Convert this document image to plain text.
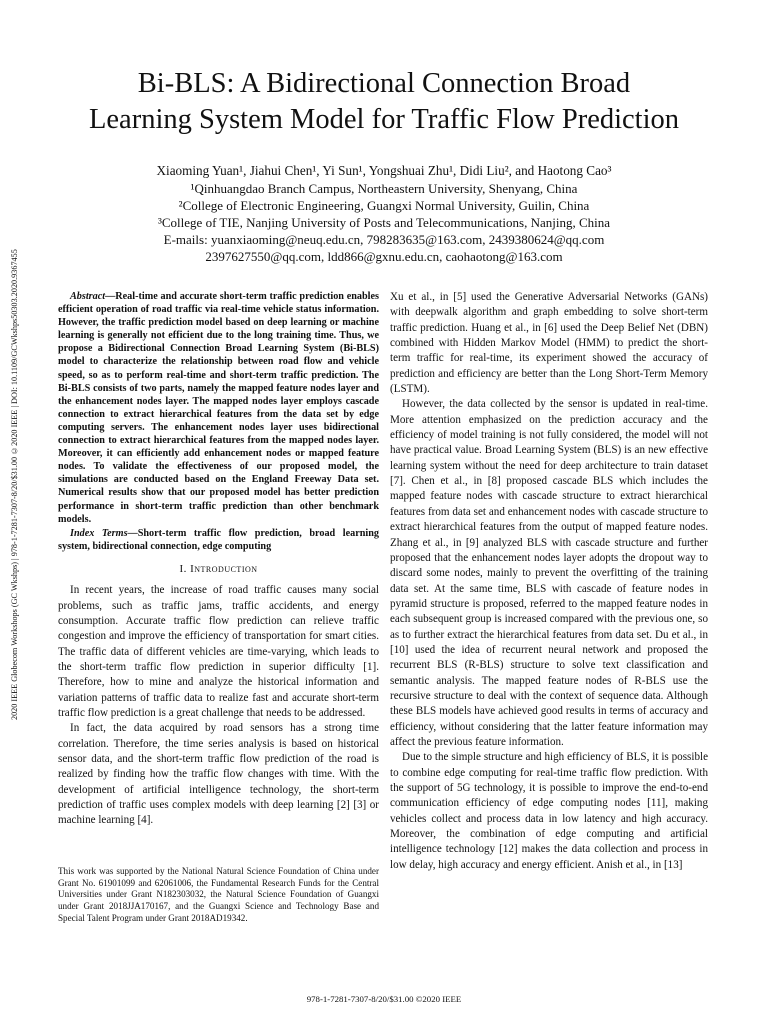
2020 IEEE Globecom Workshops (GC Wkshps) | 978-1-7281-7307-8/20/$31.00 ©2020 IEEE | DOI: 10.1109/GCWkshps50303.2020.9367455
Bi-BLS: A Bidirectional Connection Broad
Learning System Model for Traffic Flow Prediction
Xiaoming Yuan¹, Jiahui Chen¹, Yi Sun¹, Yongshuai Zhu¹, Didi Liu², and Haotong Cao³
¹Qinhuangdao Branch Campus, Northeastern University, Shenyang, China
²College of Electronic Engineering, Guangxi Normal University, Guilin, China
³College of TIE, Nanjing University of Posts and Telecommunications, Nanjing, China
E-mails: yuanxiaoming@neuq.edu.cn, 798283635@163.com, 2439380624@qq.com
2397627550@qq.com, ldd866@gxnu.edu.cn, caohaotong@163.com

Abstract—Real-time and accurate short-term traffic prediction enables efficient operation of road traffic via real-time vehicle status information. However, the traffic prediction model based on deep learning or machine learning is generally not efficient due to the long training time. Thus, we propose a Bidirectional Connection Broad Learning System (Bi-BLS) model to characterize the relationship between road flow and vehicle speed, so as to perform real-time and short-term traffic prediction. The Bi-BLS consists of two parts, namely the mapped feature nodes layer and the enhancement nodes layer. The mapped nodes layer employs cascade connection to extract hierarchical features from the data set by edge computing servers. The enhancement nodes layer uses bidirectional connection to extract hierarchical features from the mapped nodes layer. Moreover, it can efficiently add enhancement nodes or mapped feature nodes. To validate the effectiveness of our proposed model, the simulations are conducted based on the England Freeway Data set. Numerical results show that our proposed model has better prediction performance in short-term traffic prediction than other benchmark models.

Index Terms—Short-term traffic flow prediction, broad learning system, bidirectional connection, edge computing

I. Introduction

In recent years, the increase of road traffic causes many social problems, such as traffic jams, traffic accidents, and energy consumption. Accurate traffic flow prediction can relieve traffic congestion and improve the efficiency of transportation for smart cities. The traffic data of different vehicles are time-varying, which leads to the short-term traffic flow prediction in superior difficulty [1]. Therefore, how to mine and analyze the historical information and variation patterns of traffic data to realize fast and accurate short-term traffic flow prediction is a great challenge that needs to be addressed.

In fact, the data acquired by road sensors has a strong time correlation. Therefore, the time series analysis is based on historical sensor data, and the short-term traffic flow prediction of the road is realized by finding how the traffic flow changes with time. With the development of artificial intelligence technology, the short-term prediction of traffic uses complex models with deep learning [2] [3] or machine learning [4].

This work was supported by the National Natural Science Foundation of China under Grant No. 61901099 and 62061006, the Fundamental Research Funds for the Central Universities under Grant N182303032, the Natural Science Foundation of Guangxi under Grant 2018JJA170167, and the Guangxi Science and Technology Base and Special Talent Program under Grant 2018AD19342.

Xu et al., in [5] used the Generative Adversarial Networks (GANs) with deepwalk algorithm and graph embedding to solve short-term traffic prediction. Huang et al., in [6] used the Deep Belief Net (DBN) combined with Hidden Markov Model (HMM) to predict the short-term traffic for real-time, its experiment showed the accuracy of prediction and efficiency are better than the Long Short-Term Memory (LSTM).

However, the data collected by the sensor is updated in real-time. More attention emphasized on the prediction accuracy and the efficiency of model training is not fully considered, the model will not have practical value. Broad Learning System (BLS) is an new effective learning system without the need for deep architecture to train dataset [7]. Chen et al., in [8] proposed cascade BLS which includes the mapped feature nodes with cascade structure to extract hierarchical features from data set and enhancement nodes with cascade structure to extract hierarchical features from the output of mapped feature nodes. Zhang et al., in [9] analyzed BLS with cascade structure and further proposed that the enhancement nodes layer adopts the dropout way to discard some nodes, mainly to prevent the overfitting of the training data set. At the same time, BLS with cascade of feature nodes in pyramid structure is proposed, referred to the mapped feature nodes in each subsequent group is increased compared with the previous one, so as to further extract the hierarchical features from data set. Du et al., in [10] used the idea of recurrent neural network and proposed the recurrent BLS (R-BLS) structure to solve text classification and semantic analysis. The mapped feature nodes of R-BLS use the recursive structure to deal with the context of sequence data. Although these BLS models have achieved good results in terms of accuracy and efficiency, without considering that the latter feature information may affect the previous feature information.

Due to the simple structure and high efficiency of BLS, it is possible to combine edge computing for real-time traffic flow prediction. With the support of 5G technology, it is possible to improve the end-to-end communication efficiency of edge computing nodes [11], making vehicles collect and process data in low latency and high accuracy. Moreover, the combination of edge computing and artificial intelligence technology [12] makes the data collection and process in low delay, high accuracy and energy efficient. Anish et al., in [13]

978-1-7281-7307-8/20/$31.00 ©2020 IEEE
